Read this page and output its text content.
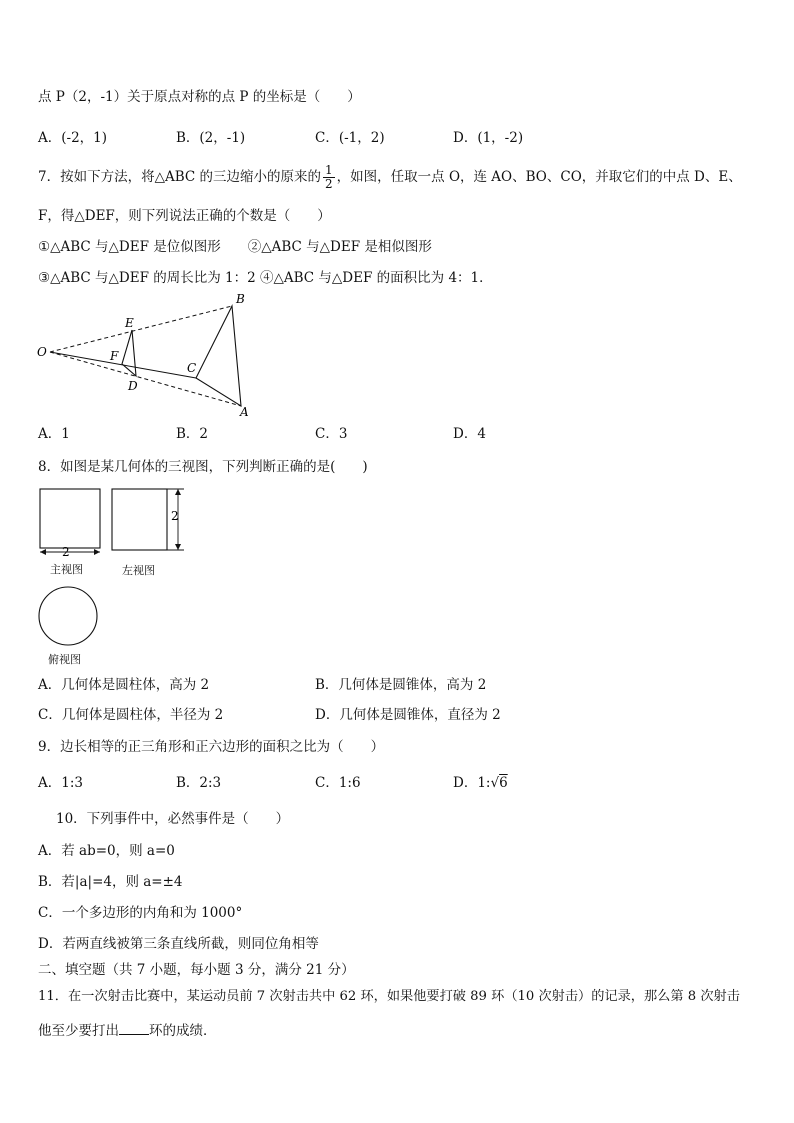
点 P（2，-1）关于原点对称的点 P 的坐标是（　　）
A．(-2，1)	B．(2，-1)	C．(-1，2)	D．(1，-2)
7．按如下方法，将△ABC 的三边缩小的原来的 $\frac{1}{2}$ ，如图，任取一点 O，连 AO、BO、CO，并取它们的中点 D、E、
F，得△DEF，则下列说法正确的个数是（　　）
①△ABC 与△DEF 是位似图形　　②△ABC 与△DEF 是相似图形
③△ABC 与△DEF 的周长比为 1：2 ④△ABC 与△DEF 的面积比为 4：1．
O
E
F
D
C
B
A
A．1	B．2	C．3	D．4
8．如图是某几何体的三视图，下列判断正确的是(　　)
2
2
主视图	左视图
俯视图
A．几何体是圆柱体，高为 2	B．几何体是圆锥体，高为 2
C．几何体是圆柱体，半径为 2	D．几何体是圆锥体，直径为 2
9．边长相等的正三角形和正六边形的面积之比为（　　）
A．1:3	B．2:3	C．1:6	D．1:√6
10．下列事件中，必然事件是（　　）
A．若 ab=0，则 a=0
B．若|a|=4，则 a=±4
C．一个多边形的内角和为 1000°
D．若两直线被第三条直线所截，则同位角相等
二、填空题（共 7 小题，每小题 3 分，满分 21 分）
11．在一次射击比赛中，某运动员前 7 次射击共中 62 环，如果他要打破 89 环（10 次射击）的记录，那么第 8 次射击
他至少要打出 环的成绩．
